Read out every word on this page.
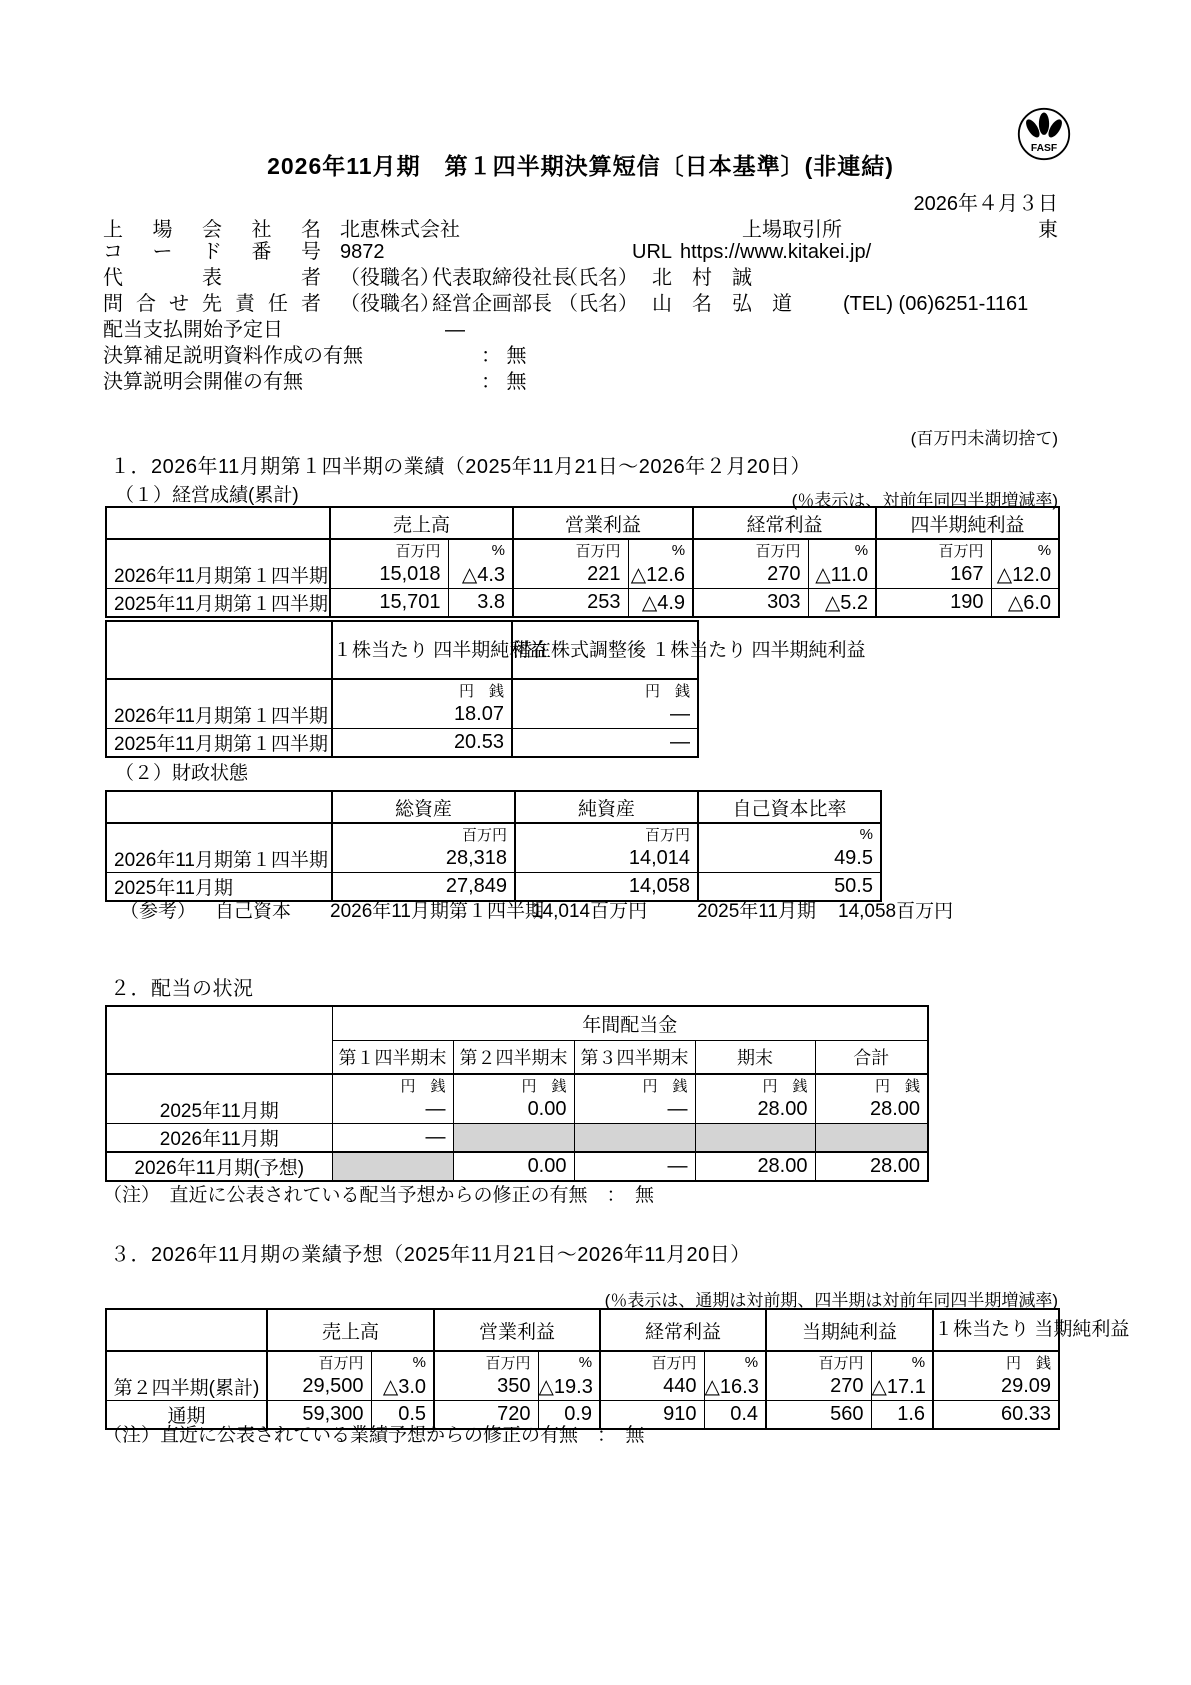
FASF
2026年11月期　第１四半期決算短信〔日本基準〕(非連結)
2026年４月３日
上場会社名 北恵株式会社	上場取引所	東
コード番号 9872	URL https://www.kitakei.jp/
代表者 （役職名）
代表取締役社長
（氏名） 北　村　誠
問合せ先責任者 （役職名）
経営企画部長 （氏名） 山　名　弘　道	(TEL) (06)6251-1161
配当支払開始予定日	―
決算補足説明資料作成の有無	： 無
決算説明会開催の有無	： 無
(百万円未満切捨て)
１．2026年11月期第１四半期の業績（2025年11月21日～2026年２月20日）
（１）経営成績(累計)	(％表示は、対前年同四半期増減率)
	売上高		営業利益		経常利益		四半期純利益	
	百万円	%	百万円	%	百万円	%	百万円	%
2026年11月期第１四半期	15,018	△4.3	221	△12.6	270	△11.0	167	△12.0
2025年11月期第１四半期	15,701	3.8	253	△4.9	303	△5.2	190	△6.0
	１株当たり 四半期純利益	潜在株式調整後 １株当たり 四半期純利益
	円　銭	円　銭
2026年11月期第１四半期	18.07	―
2025年11月期第１四半期	20.53	―
（２）財政状態
	総資産	純資産	自己資本比率
	百万円	百万円	%
2026年11月期第１四半期	28,318	14,014	49.5
2025年11月期	27,849	14,058	50.5
（参考） 自己資本 2026年11月期第１四半期
14,014百万円	2025年11月期 14,058百万円
２．配当の状況
	年間配当金				
	第１四半期末	第２四半期末	第３四半期末	期末	合計
	円　銭	円　銭	円　銭	円　銭	円　銭
2025年11月期	―	0.00	―	28.00	28.00
2026年11月期	―				
2026年11月期(予想)		0.00	―	28.00	28.00
（注）　直近に公表されている配当予想からの修正の有無　：　無
３．2026年11月期の業績予想（2025年11月21日～2026年11月20日）
(％表示は、通期は対前期、四半期は対前年同四半期増減率)
	売上高		営業利益		経常利益		当期純利益		１株当たり 当期純利益
	百万円	%	百万円	%	百万円	%	百万円	%	円　銭
第２四半期(累計)	29,500	△3.0	350	△19.3	440	△16.3	270	△17.1	29.09
通期	59,300	0.5	720	0.9	910	0.4	560	1.6	60.33
（注）直近に公表されている業績予想からの修正の有無　：　無
